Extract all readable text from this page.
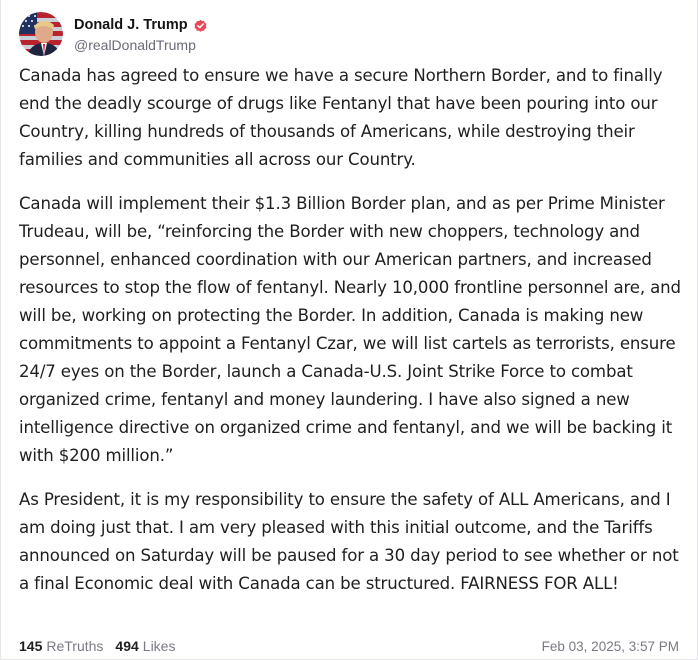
Donald J. Trump
@realDonaldTrump

Canada has agreed to ensure we have a secure Northern Border, and to finally end the deadly scourge of drugs like Fentanyl that have been pouring into our Country, killing hundreds of thousands of Americans, while destroying their families and communities all across our Country.

Canada will implement their $1.3 Billion Border plan, and as per Prime Minister Trudeau, will be, “reinforcing the Border with new choppers, technology and personnel, enhanced coordination with our American partners, and increased resources to stop the flow of fentanyl. Nearly 10,000 frontline personnel are, and will be, working on protecting the Border. In addition, Canada is making new commitments to appoint a Fentanyl Czar, we will list cartels as terrorists, ensure 24/7 eyes on the Border, launch a Canada-U.S. Joint Strike Force to combat organized crime, fentanyl and money laundering. I have also signed a new intelligence directive on organized crime and fentanyl, and we will be backing it with $200 million.”

As President, it is my responsibility to ensure the safety of ALL Americans, and I am doing just that. I am very pleased with this initial outcome, and the Tariffs announced on Saturday will be paused for a 30 day period to see whether or not a final Economic deal with Canada can be structured. FAIRNESS FOR ALL!

145 ReTruths 494 Likes	Feb 03, 2025, 3:57 PM
